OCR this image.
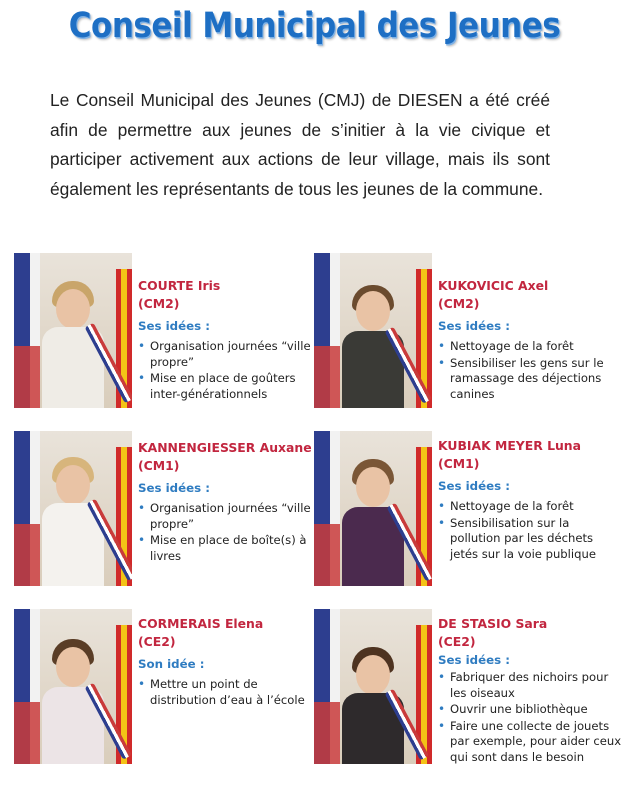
Conseil Municipal des Jeunes
Le Conseil Municipal des Jeunes (CMJ) de DIESEN a été créé afin de permettre aux jeunes de s’initier à la vie civique et participer activement aux actions de leur village, mais ils sont également les représentants de tous les jeunes de la commune.
COURTE Iris
(CM2)
Ses idées :
• Organisation journées “ville propre”
• Mise en place de goûters inter-générationnels
KUKOVICIC Axel
(CM2)
Ses idées :
• Nettoyage de la forêt
• Sensibiliser les gens sur le ramassage des déjections canines
KANNENGIESSER Auxane
(CM1)
Ses idées :
• Organisation journées “ville propre”
• Mise en place de boîte(s) à livres
KUBIAK MEYER Luna
(CM1)
Ses idées :
• Nettoyage de la forêt
• Sensibilisation sur la pollution par les déchets jetés sur la voie publique
CORMERAIS Elena
(CE2)
Son idée :
• Mettre un point de distribution d’eau à l’école
DE STASIO Sara
(CE2)
Ses idées :
• Fabriquer des nichoirs pour les oiseaux
• Ouvrir une bibliothèque
• Faire une collecte de jouets par exemple, pour aider ceux qui sont dans le besoin
